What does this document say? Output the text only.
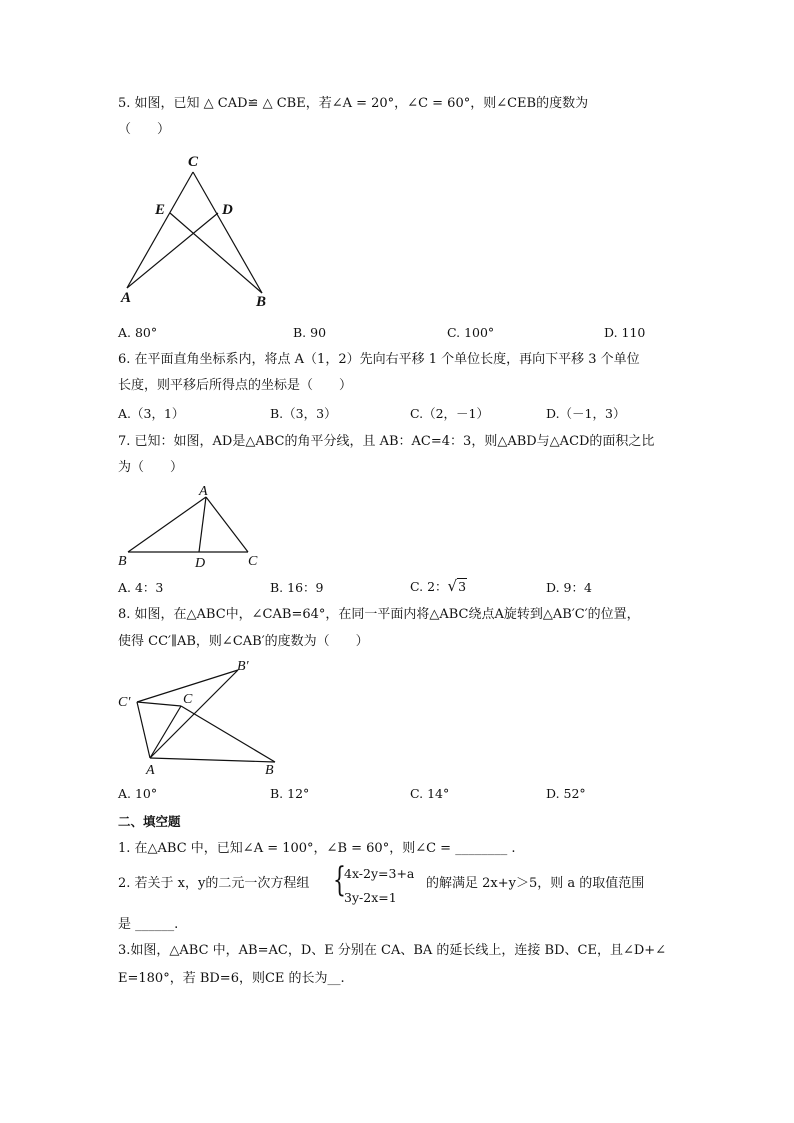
5. 如图，已知 △ CAD≌ △ CBE，若∠A = 20°，∠C = 60°，则∠CEB的度数为
（　　）
C
E	D
A	B
A. 80°	B. 90	C. 100°	D. 110
6. 在平面直角坐标系内，将点 A（1，2）先向右平移 1 个单位长度，再向下平移 3 个单位
长度，则平移后所得点的坐标是（　　）
A.（3，1）	B.（3，3）	C.（2，－1）	D.（－1，3）
7. 已知：如图，AD是△ABC的角平分线，且 AB：AC=4：3，则△ABD与△ACD的面积之比
为（　　）
A
B	D	C
A. 4：3	B. 16：9	C. 2：√3	D. 9：4
8. 如图，在△ABC中，∠CAB=64°，在同一平面内将△ABC绕点A旋转到△AB′C′的位置，
使得 CC′∥AB，则∠CAB′的度数为（　　）
B′
C′	C
A	B
A. 10°	B. 12°	C. 14°	D. 52°
二、填空题
1. 在△ABC 中，已知∠A = 100°，∠B = 60°，则∠C = ________ .
2. 若关于 x，y的二元一次方程组 {
4x-2y=3+a
3y-2x=1
的解满足 2x+y＞5，则 a 的取值范围
是 ______.
3.如图，△ABC 中，AB=AC，D、E 分别在 CA、BA 的延长线上，连接 BD、CE，且∠D+∠
E=180°，若 BD=6，则CE 的长为__.
